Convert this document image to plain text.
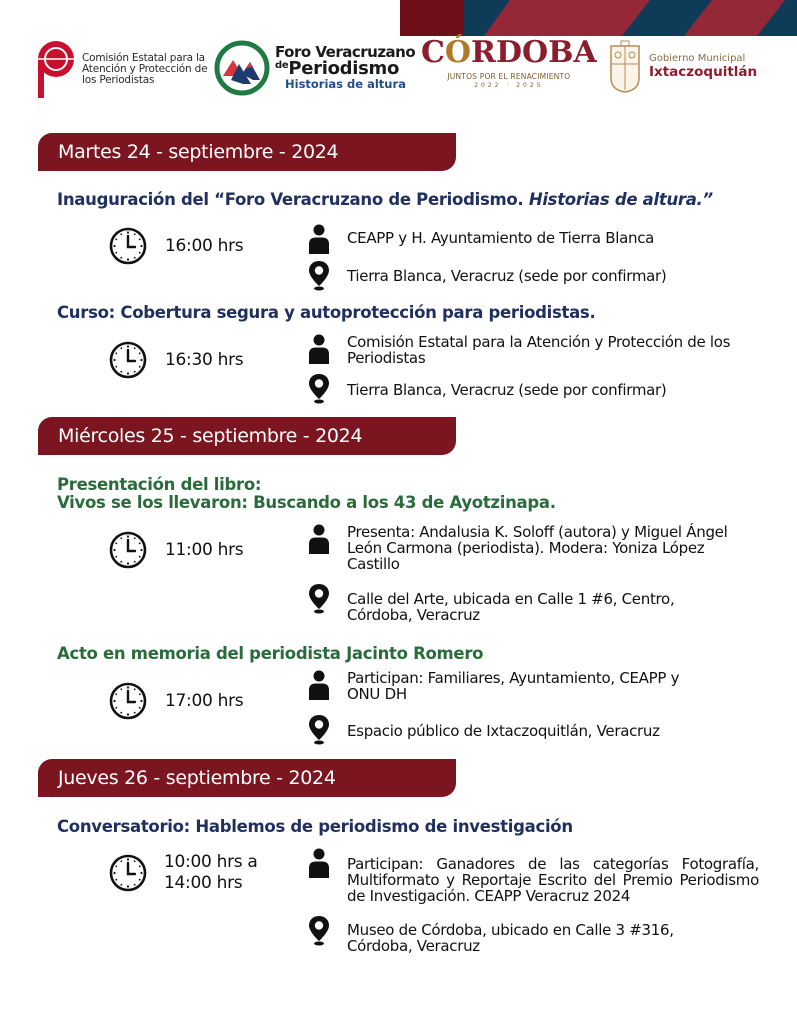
Comisión Estatal para la
Atención y Protección de
los Periodistas
Foro Veracruzano
$^{de}$Periodismo
Historias de altura
CÓRDOBA
JUNTOS POR EL RENACIMIENTO
2022 · 2025
Gobierno Municipal
Ixtaczoquitlán
Martes 24 - septiembre - 2024
Inauguración del “Foro Veracruzano de Periodismo. Historias de altura.”
16:00 hrs	CEAPP y H. Ayuntamiento de Tierra Blanca
Tierra Blanca, Veracruz (sede por confirmar)
Curso: Cobertura segura y autoprotección para periodistas.
16:30 hrs
Comisión Estatal para la Atención y Protección de los Periodistas
Tierra Blanca, Veracruz (sede por confirmar)
Miércoles 25 - septiembre - 2024
Presentación del libro:
Vivos se los llevaron: Buscando a los 43 de Ayotzinapa.
11:00 hrs
Presenta: Andalusia K. Soloff (autora) y Miguel Ángel León Carmona (periodista). Modera: Yoniza López Castillo
Calle del Arte, ubicada en Calle 1 #6, Centro, Córdoba, Veracruz
Acto en memoria del periodista Jacinto Romero
17:00 hrs
Participan: Familiares, Ayuntamiento, CEAPP y ONU DH
Espacio público de Ixtaczoquitlán, Veracruz
Jueves 26 - septiembre - 2024
Conversatorio: Hablemos de periodismo de investigación
10:00 hrs a
14:00 hrs
Participan: Ganadores de las categorías Fotografía, Multiformato y Reportaje Escrito del Premio Periodismo de Investigación. CEAPP Veracruz 2024
Museo de Córdoba, ubicado en Calle 3 #316, Córdoba, Veracruz
